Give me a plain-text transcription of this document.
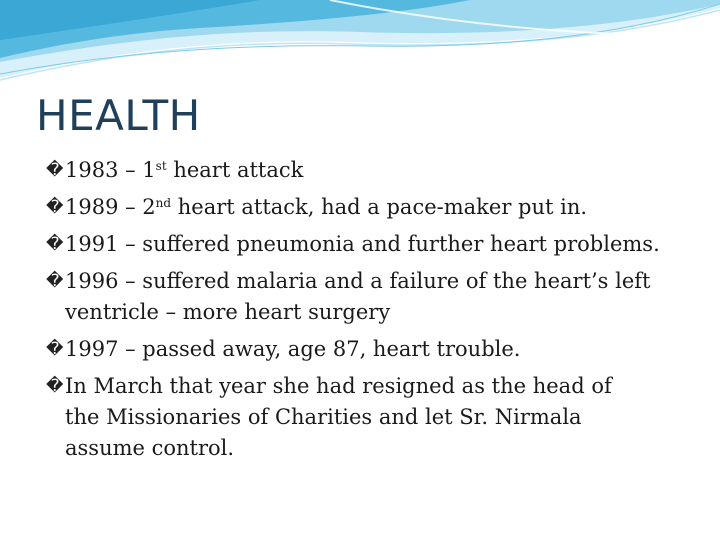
HEALTH
� 1983 – 1st heart attack
� 1989 – 2nd heart attack, had a pace-maker put in.
� 1991 – suffered pneumonia and further heart problems.
� 1996 – suffered malaria and a failure of the heart’s left
ventricle – more heart surgery
� 1997 – passed away, age 87, heart trouble.
� In March that year she had resigned as the head of
the Missionaries of Charities and let Sr. Nirmala
assume control.
